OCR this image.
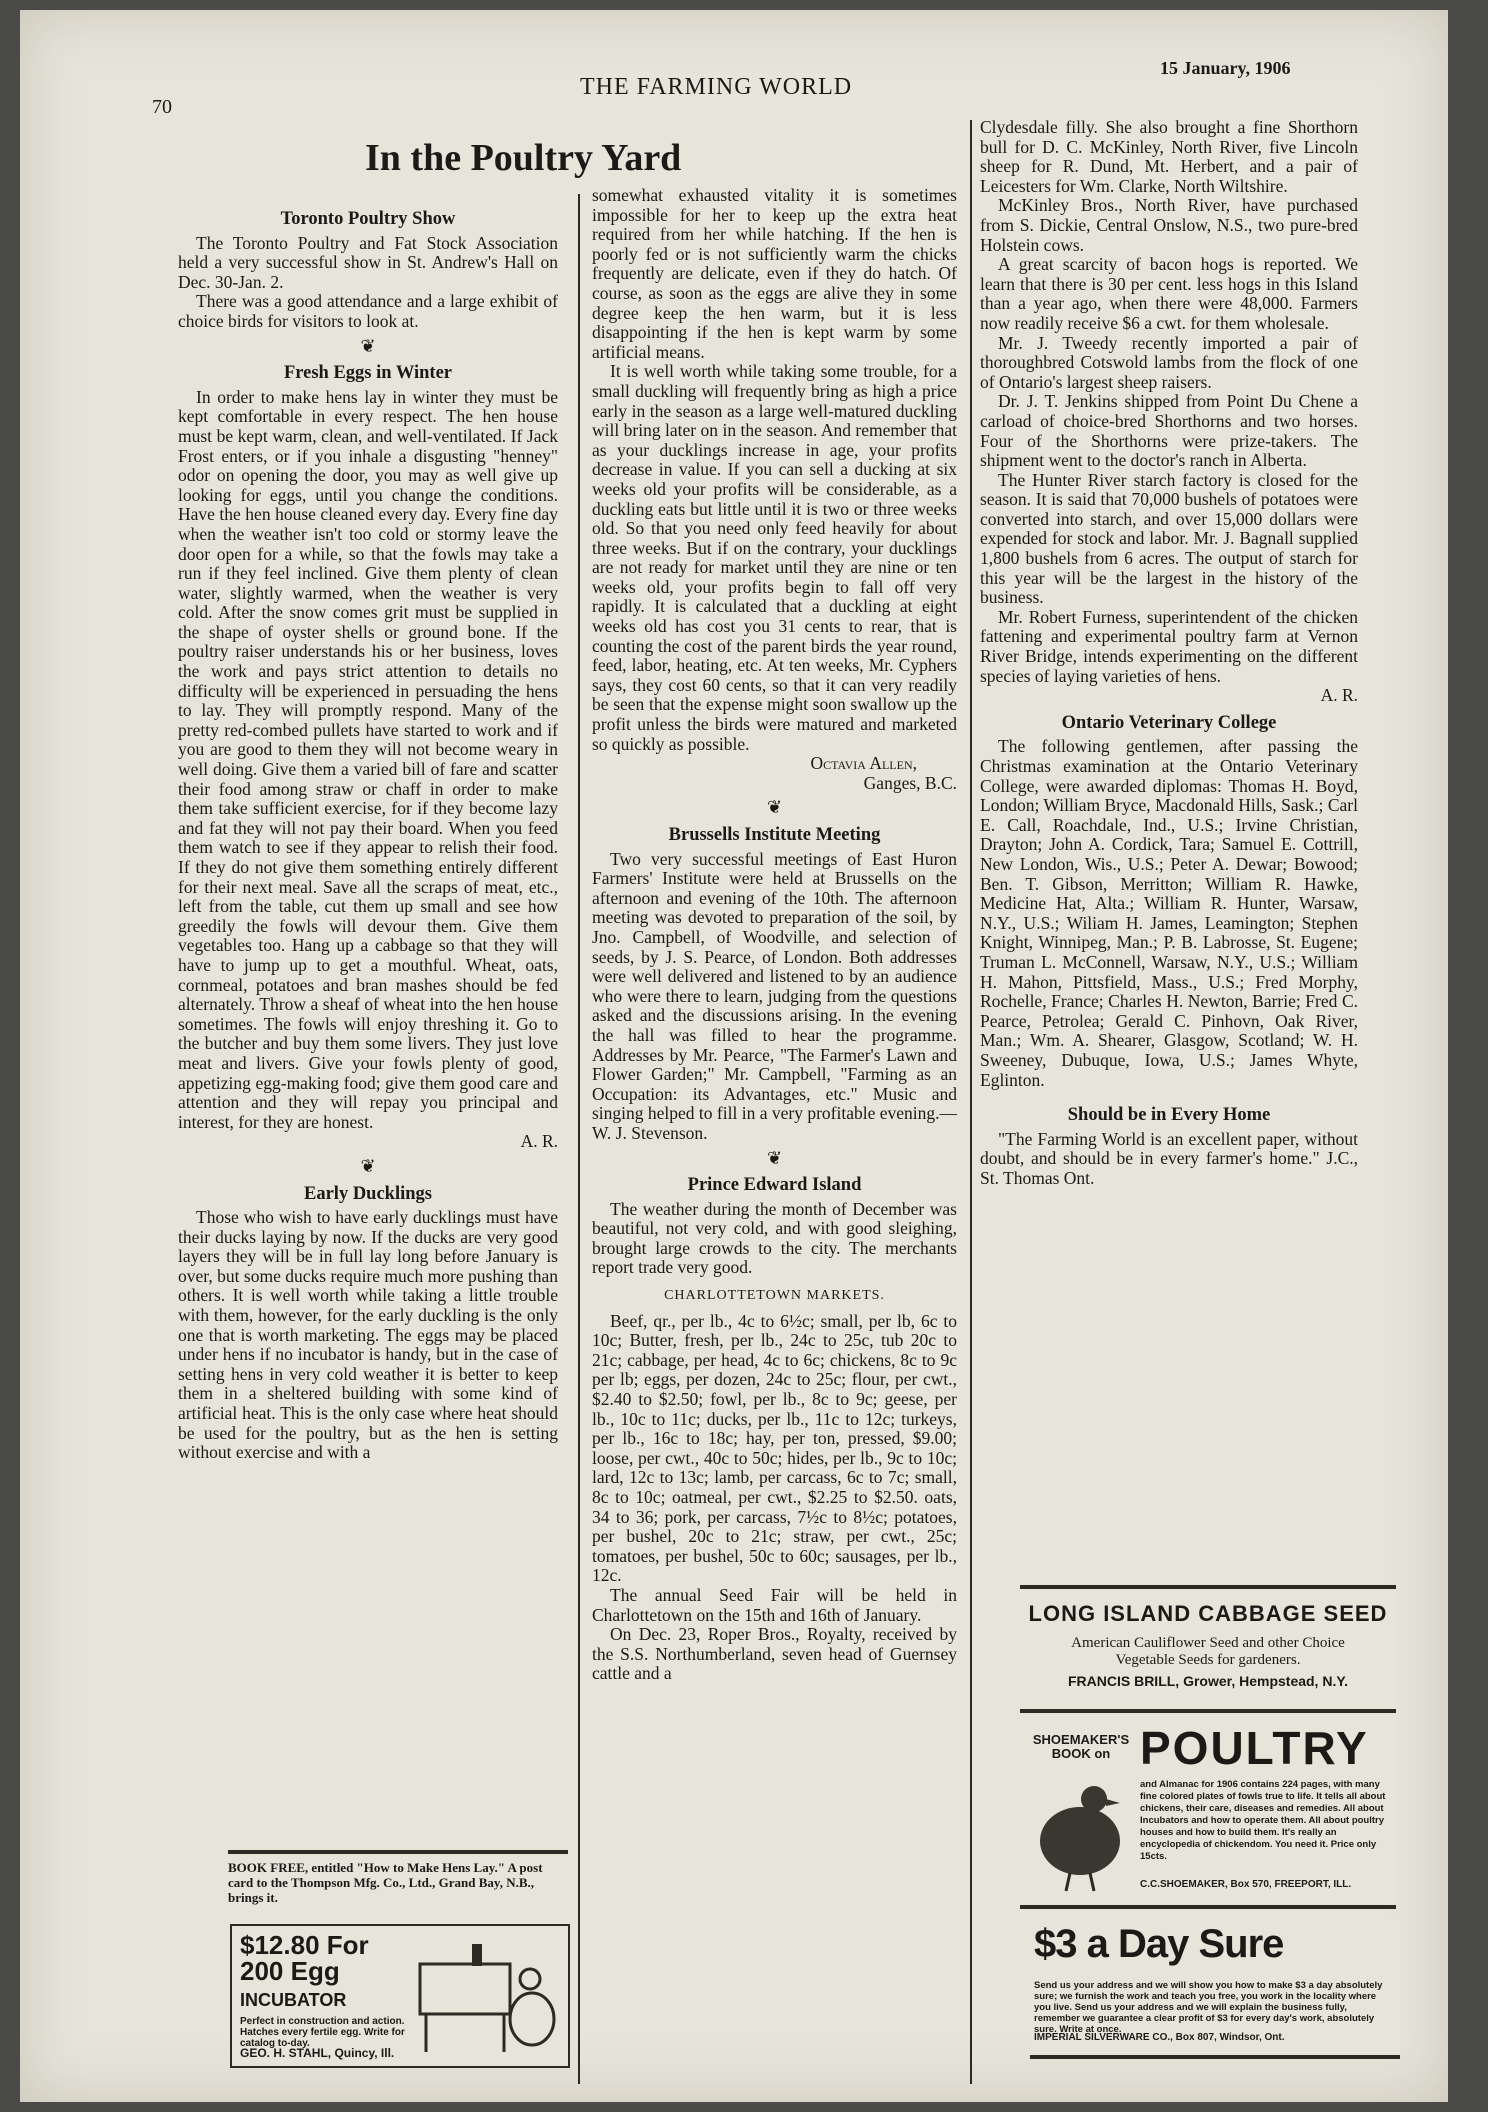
70
THE FARMING WORLD
15 January, 1906
In the Poultry Yard
Toronto Poultry Show

The Toronto Poultry and Fat Stock Association held a very successful show in St. Andrew's Hall on Dec. 30-Jan. 2.

There was a good attendance and a large exhibit of choice birds for visitors to look at.

❦
Fresh Eggs in Winter

In order to make hens lay in winter they must be kept comfortable in every respect. The hen house must be kept warm, clean, and well-ventilated. If Jack Frost enters, or if you inhale a disgusting "henney" odor on opening the door, you may as well give up looking for eggs, until you change the conditions. Have the hen house cleaned every day. Every fine day when the weather isn't too cold or stormy leave the door open for a while, so that the fowls may take a run if they feel inclined. Give them plenty of clean water, slightly warmed, when the weather is very cold. After the snow comes grit must be supplied in the shape of oyster shells or ground bone. If the poultry raiser understands his or her business, loves the work and pays strict attention to details no difficulty will be experienced in persuading the hens to lay. They will promptly respond. Many of the pretty red-combed pullets have started to work and if you are good to them they will not become weary in well doing. Give them a varied bill of fare and scatter their food among straw or chaff in order to make them take sufficient exercise, for if they become lazy and fat they will not pay their board. When you feed them watch to see if they appear to relish their food. If they do not give them something entirely different for their next meal. Save all the scraps of meat, etc., left from the table, cut them up small and see how greedily the fowls will devour them. Give them vegetables too. Hang up a cabbage so that they will have to jump up to get a mouthful. Wheat, oats, cornmeal, potatoes and bran mashes should be fed alternately. Throw a sheaf of wheat into the hen house sometimes. The fowls will enjoy threshing it. Go to the butcher and buy them some livers. They just love meat and livers. Give your fowls plenty of good, appetizing egg-making food; give them good care and attention and they will repay you principal and interest, for they are honest.

A. R.

❦
Early Ducklings

Those who wish to have early ducklings must have their ducks laying by now. If the ducks are very good layers they will be in full lay long before January is over, but some ducks require much more pushing than others. It is well worth while taking a little trouble with them, however, for the early duckling is the only one that is worth marketing. The eggs may be placed under hens if no incubator is handy, but in the case of setting hens in very cold weather it is better to keep them in a sheltered building with some kind of artificial heat. This is the only case where heat should be used for the poultry, but as the hen is setting without exercise and with a

somewhat exhausted vitality it is sometimes impossible for her to keep up the extra heat required from her while hatching. If the hen is poorly fed or is not sufficiently warm the chicks frequently are delicate, even if they do hatch. Of course, as soon as the eggs are alive they in some degree keep the hen warm, but it is less disappointing if the hen is kept warm by some artificial means.

It is well worth while taking some trouble, for a small duckling will frequently bring as high a price early in the season as a large well-matured duckling will bring later on in the season. And remember that as your ducklings increase in age, your profits decrease in value. If you can sell a ducking at six weeks old your profits will be considerable, as a duckling eats but little until it is two or three weeks old. So that you need only feed heavily for about three weeks. But if on the contrary, your ducklings are not ready for market until they are nine or ten weeks old, your profits begin to fall off very rapidly. It is calculated that a duckling at eight weeks old has cost you 31 cents to rear, that is counting the cost of the parent birds the year round, feed, labor, heating, etc. At ten weeks, Mr. Cyphers says, they cost 60 cents, so that it can very readily be seen that the expense might soon swallow up the profit unless the birds were matured and marketed so quickly as possible.

Octavia Allen,

Ganges, B.C.

❦
Brussells Institute Meeting

Two very successful meetings of East Huron Farmers' Institute were held at Brussells on the afternoon and evening of the 10th. The afternoon meeting was devoted to preparation of the soil, by Jno. Campbell, of Woodville, and selection of seeds, by J. S. Pearce, of London. Both addresses were well delivered and listened to by an audience who were there to learn, judging from the questions asked and the discussions arising. In the evening the hall was filled to hear the programme. Addresses by Mr. Pearce, "The Farmer's Lawn and Flower Garden;" Mr. Campbell, "Farming as an Occupation: its Advantages, etc." Music and singing helped to fill in a very profitable evening.—W. J. Stevenson.

❦
Prince Edward Island

The weather during the month of December was beautiful, not very cold, and with good sleighing, brought large crowds to the city. The merchants report trade very good.

CHARLOTTETOWN MARKETS.

Beef, qr., per lb., 4c to 6½c; small, per lb, 6c to 10c; Butter, fresh, per lb., 24c to 25c, tub 20c to 21c; cabbage, per head, 4c to 6c; chickens, 8c to 9c per lb; eggs, per dozen, 24c to 25c; flour, per cwt., $2.40 to $2.50; fowl, per lb., 8c to 9c; geese, per lb., 10c to 11c; ducks, per lb., 11c to 12c; turkeys, per lb., 16c to 18c; hay, per ton, pressed, $9.00; loose, per cwt., 40c to 50c; hides, per lb., 9c to 10c; lard, 12c to 13c; lamb, per carcass, 6c to 7c; small, 8c to 10c; oatmeal, per cwt., $2.25 to $2.50. oats, 34 to 36; pork, per carcass, 7½c to 8½c; potatoes, per bushel, 20c to 21c; straw, per cwt., 25c; tomatoes, per bushel, 50c to 60c; sausages, per lb., 12c.

The annual Seed Fair will be held in Charlottetown on the 15th and 16th of January.

On Dec. 23, Roper Bros., Royalty, received by the S.S. Northumberland, seven head of Guernsey cattle and a

Clydesdale filly. She also brought a fine Shorthorn bull for D. C. McKinley, North River, five Lincoln sheep for R. Dund, Mt. Herbert, and a pair of Leicesters for Wm. Clarke, North Wiltshire.

McKinley Bros., North River, have purchased from S. Dickie, Central Onslow, N.S., two pure-bred Holstein cows.

A great scarcity of bacon hogs is reported. We learn that there is 30 per cent. less hogs in this Island than a year ago, when there were 48,000. Farmers now readily receive $6 a cwt. for them wholesale.

Mr. J. Tweedy recently imported a pair of thoroughbred Cotswold lambs from the flock of one of Ontario's largest sheep raisers.

Dr. J. T. Jenkins shipped from Point Du Chene a carload of choice-bred Shorthorns and two horses. Four of the Shorthorns were prize-takers. The shipment went to the doctor's ranch in Alberta.

The Hunter River starch factory is closed for the season. It is said that 70,000 bushels of potatoes were converted into starch, and over 15,000 dollars were expended for stock and labor. Mr. J. Bagnall supplied 1,800 bushels from 6 acres. The output of starch for this year will be the largest in the history of the business.

Mr. Robert Furness, superintendent of the chicken fattening and experimental poultry farm at Vernon River Bridge, intends experimenting on the different species of laying varieties of hens.

A. R.

Ontario Veterinary College

The following gentlemen, after passing the Christmas examination at the Ontario Veterinary College, were awarded diplomas: Thomas H. Boyd, London; William Bryce, Macdonald Hills, Sask.; Carl E. Call, Roachdale, Ind., U.S.; Irvine Christian, Drayton; John A. Cordick, Tara; Samuel E. Cottrill, New London, Wis., U.S.; Peter A. Dewar; Bowood; Ben. T. Gibson, Merritton; William R. Hawke, Medicine Hat, Alta.; William R. Hunter, Warsaw, N.Y., U.S.; Wiliam H. James, Leamington; Stephen Knight, Winnipeg, Man.; P. B. Labrosse, St. Eugene; Truman L. McConnell, Warsaw, N.Y., U.S.; William H. Mahon, Pittsfield, Mass., U.S.; Fred Morphy, Rochelle, France; Charles H. Newton, Barrie; Fred C. Pearce, Petrolea; Gerald C. Pinhovn, Oak River, Man.; Wm. A. Shearer, Glasgow, Scotland; W. H. Sweeney, Dubuque, Iowa, U.S.; James Whyte, Eglinton.

Should be in Every Home

"The Farming World is an excellent paper, without doubt, and should be in every farmer's home." J.C., St. Thomas Ont.

BOOK FREE, entitled "How to Make Hens Lay." A post card to the Thompson Mfg. Co., Ltd., Grand Bay, N.B., brings it.
$12.80 For 200 Egg
INCUBATOR
Perfect in construction and action. Hatches every fertile egg. Write for catalog to-day.
GEO. H. STAHL, Quincy, Ill.
LONG ISLAND CABBAGE SEED
American Cauliflower Seed and other Choice Vegetable Seeds for gardeners.
FRANCIS BRILL, Grower, Hempstead, N.Y.
SHOEMAKER'S BOOK on POULTRY
and Almanac for 1906 contains 224 pages, with many fine colored plates of fowls true to life. It tells all about chickens, their care, diseases and remedies. All about Incubators and how to operate them. All about poultry houses and how to build them. It's really an encyclopedia of chickendom. You need it. Price only 15cts.
C.C.SHOEMAKER, Box 570, FREEPORT, ILL.
$3 a Day Sure
Send us your address and we will show you how to make $3 a day absolutely sure; we furnish the work and teach you free, you work in the locality where you live. Send us your address and we will explain the business fully, remember we guarantee a clear profit of $3 for every day's work, absolutely sure. Write at once.
IMPERIAL SILVERWARE CO., Box 807, Windsor, Ont.
